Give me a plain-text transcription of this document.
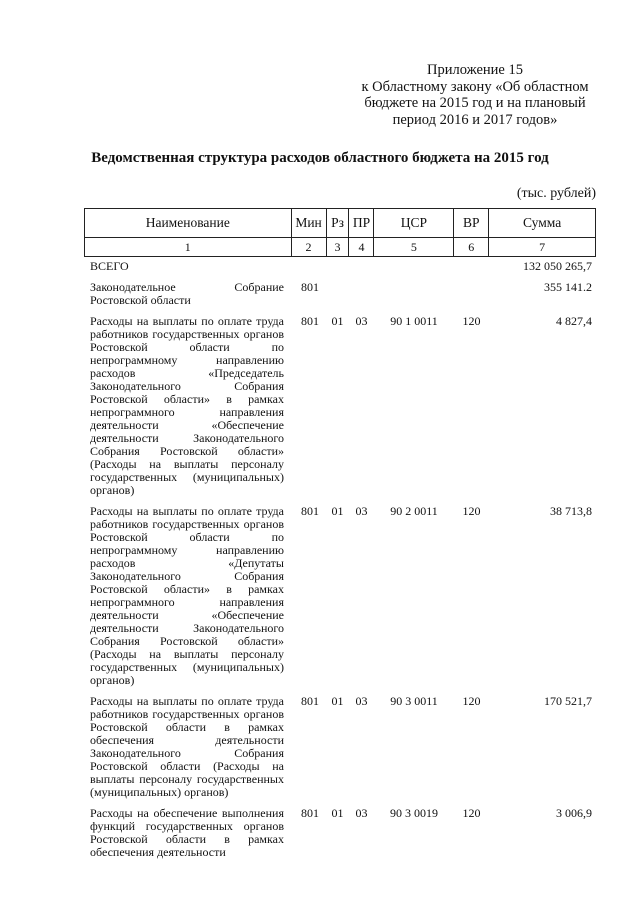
Приложение 15
к Областному закону «Об областном
бюджете на 2015 год и на плановый
период 2016 и 2017 годов»
Ведомственная структура расходов областного бюджета на 2015 год
(тыс. рублей)
Наименование	Мин	Рз	ПР	ЦСР	ВР	Сумма
1	2	3	4	5	6	7
ВСЕГО						132 050 265,7
Законодательное Собрание Ростовской области	801					355 141.2
Расходы на выплаты по оплате труда работников государственных органов Ростовской области по непрограммному направлению расходов «Председатель Законодательного Собрания Ростовской области» в рамках непрограммного направления деятельности «Обеспечение деятельности Законодательного Собрания Ростовской области» (Расходы на выплаты персоналу государственных (муниципальных) органов)	801	01	03	90 1 0011	120	4 827,4
Расходы на выплаты по оплате труда работников государственных органов Ростовской области по непрограммному направлению расходов «Депутаты Законодательного Собрания Ростовской области» в рамках непрограммного направления деятельности «Обеспечение деятельности Законодательного Собрания Ростовской области» (Расходы на выплаты персоналу государственных (муниципальных) органов)	801	01	03	90 2 0011	120	38 713,8
Расходы на выплаты по оплате труда работников государственных органов Ростовской области в рамках обеспечения деятельности Законодательного Собрания Ростовской области (Расходы на выплаты персоналу государственных (муниципальных) органов)	801	01	03	90 3 0011	120	170 521,7
Расходы на обеспечение выполнения функций государственных органов Ростовской области в рамках обеспечения деятельности	801	01	03	90 3 0019	120	3 006,9
